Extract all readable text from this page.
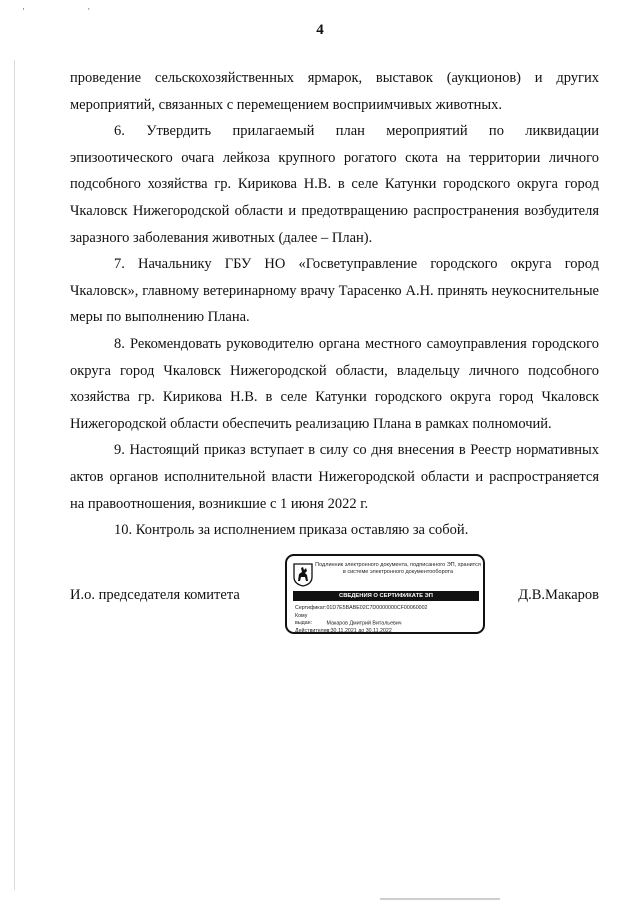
· ·
4

проведение сельскохозяйственных ярмарок, выставок (аукционов) и других мероприятий, связанных с перемещением восприимчивых животных.

6. Утвердить прилагаемый план мероприятий по ликвидации эпизоотического очага лейкоза крупного рогатого скота на территории личного подсобного хозяйства гр. Кирикова Н.В. в селе Катунки городского округа город Чкаловск Нижегородской области и предотвращению распространения возбудителя заразного заболевания животных (далее – План).

7. Начальнику ГБУ НО «Госветуправление городского округа город Чкаловск», главному ветеринарному врачу Тарасенко А.Н. принять неукоснительные меры по выполнению Плана.

8. Рекомендовать руководителю органа местного самоуправления городского округа город Чкаловск Нижегородской области, владельцу личного подсобного хозяйства гр. Кирикова Н.В. в селе Катунки городского округа город Чкаловск Нижегородской области обеспечить реализацию Плана в рамках полномочий.

9. Настоящий приказ вступает в силу со дня внесения в Реестр нормативных актов органов исполнительной власти Нижегородской области и распространяется на правоотношения, возникшие с 1 июня 2022 г.

10. Контроль за исполнением приказа оставляю за собой.

И.о. председателя комитета
Подлинник электронного документа, подписанного ЭП, хранится в системе электронного документооборота
СВЕДЕНИЯ О СЕРТИФИКАТЕ ЭП
Сертификат: 01D7E5BABE02C7D0000000CF00060002
Кому выдан:	Макаров Дмитрий Витальевич
Действителен: с 30.11.2021 до 30.11.2022
Д.В.Макаров
